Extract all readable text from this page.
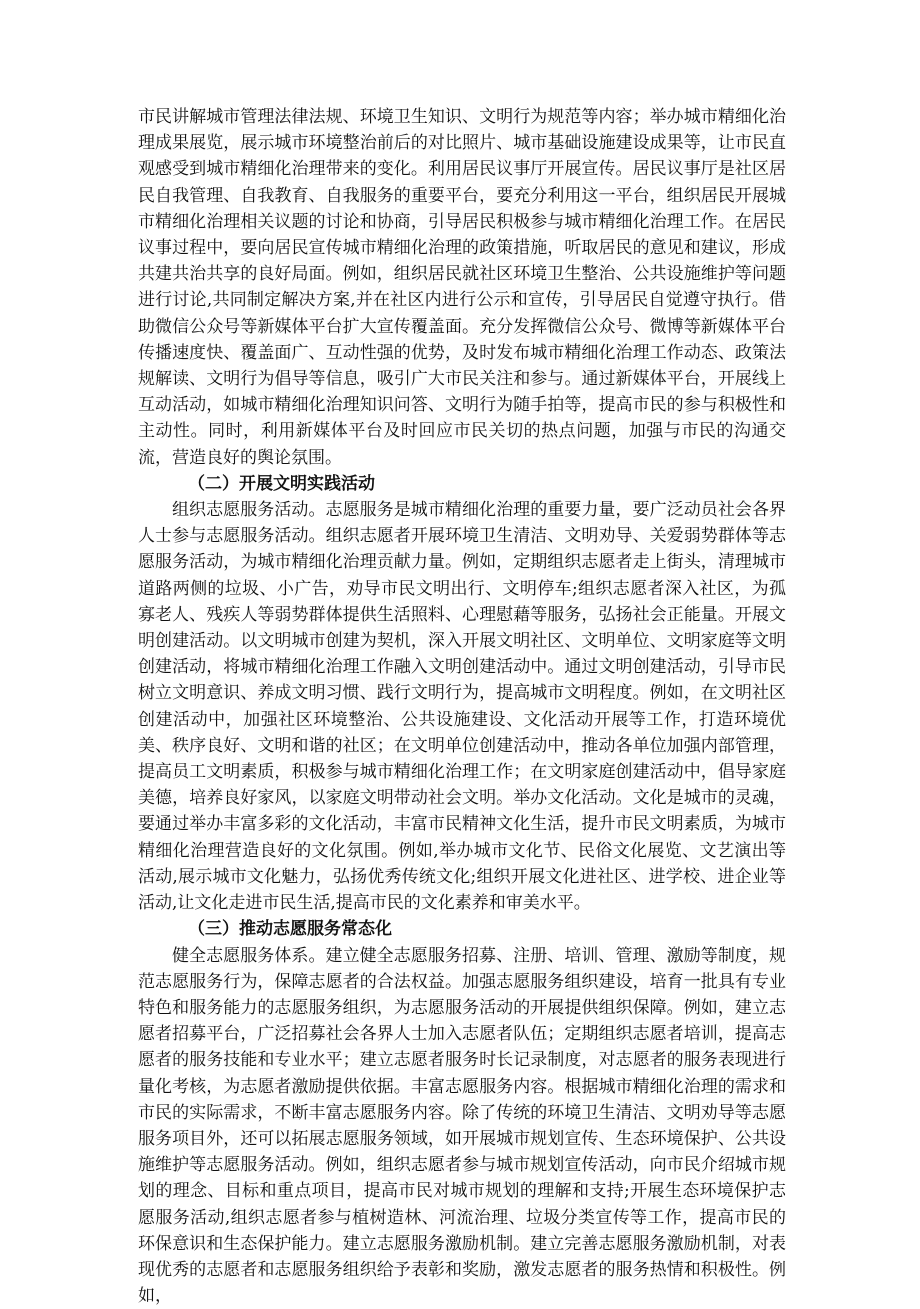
市民讲解城市管理法律法规、环境卫生知识、文明行为规范等内容；举办城市精细化治理成果展览，展示城市环境整治前后的对比照片、城市基础设施建设成果等，让市民直观感受到城市精细化治理带来的变化。利用居民议事厅开展宣传。居民议事厅是社区居民自我管理、自我教育、自我服务的重要平台，要充分利用这一平台，组织居民开展城市精细化治理相关议题的讨论和协商，引导居民积极参与城市精细化治理工作。在居民议事过程中，要向居民宣传城市精细化治理的政策措施，听取居民的意见和建议，形成共建共治共享的良好局面。例如，组织居民就社区环境卫生整治、公共设施维护等问题进行讨论,共同制定解决方案,并在社区内进行公示和宣传，引导居民自觉遵守执行。借助微信公众号等新媒体平台扩大宣传覆盖面。充分发挥微信公众号、微博等新媒体平台传播速度快、覆盖面广、互动性强的优势，及时发布城市精细化治理工作动态、政策法规解读、文明行为倡导等信息，吸引广大市民关注和参与。通过新媒体平台，开展线上互动活动，如城市精细化治理知识问答、文明行为随手拍等，提高市民的参与积极性和主动性。同时，利用新媒体平台及时回应市民关切的热点问题，加强与市民的沟通交流，营造良好的舆论氛围。

（二）开展文明实践活动

组织志愿服务活动。志愿服务是城市精细化治理的重要力量，要广泛动员社会各界人士参与志愿服务活动。组织志愿者开展环境卫生清洁、文明劝导、关爱弱势群体等志愿服务活动，为城市精细化治理贡献力量。例如，定期组织志愿者走上街头，清理城市道路两侧的垃圾、小广告，劝导市民文明出行、文明停车;组织志愿者深入社区，为孤寡老人、残疾人等弱势群体提供生活照料、心理慰藉等服务，弘扬社会正能量。开展文明创建活动。以文明城市创建为契机，深入开展文明社区、文明单位、文明家庭等文明创建活动，将城市精细化治理工作融入文明创建活动中。通过文明创建活动，引导市民树立文明意识、养成文明习惯、践行文明行为，提高城市文明程度。例如，在文明社区创建活动中，加强社区环境整治、公共设施建设、文化活动开展等工作，打造环境优美、秩序良好、文明和谐的社区；在文明单位创建活动中，推动各单位加强内部管理，提高员工文明素质，积极参与城市精细化治理工作；在文明家庭创建活动中，倡导家庭美德，培养良好家风，以家庭文明带动社会文明。举办文化活动。文化是城市的灵魂，要通过举办丰富多彩的文化活动，丰富市民精神文化生活，提升市民文明素质，为城市精细化治理营造良好的文化氛围。例如,举办城市文化节、民俗文化展览、文艺演出等活动,展示城市文化魅力，弘扬优秀传统文化;组织开展文化进社区、进学校、进企业等活动,让文化走进市民生活,提高市民的文化素养和审美水平。

（三）推动志愿服务常态化

健全志愿服务体系。建立健全志愿服务招募、注册、培训、管理、激励等制度，规范志愿服务行为，保障志愿者的合法权益。加强志愿服务组织建设，培育一批具有专业特色和服务能力的志愿服务组织，为志愿服务活动的开展提供组织保障。例如，建立志愿者招募平台，广泛招募社会各界人士加入志愿者队伍；定期组织志愿者培训，提高志愿者的服务技能和专业水平；建立志愿者服务时长记录制度，对志愿者的服务表现进行量化考核，为志愿者激励提供依据。丰富志愿服务内容。根据城市精细化治理的需求和市民的实际需求，不断丰富志愿服务内容。除了传统的环境卫生清洁、文明劝导等志愿服务项目外，还可以拓展志愿服务领域，如开展城市规划宣传、生态环境保护、公共设施维护等志愿服务活动。例如，组织志愿者参与城市规划宣传活动，向市民介绍城市规划的理念、目标和重点项目，提高市民对城市规划的理解和支持;开展生态环境保护志愿服务活动,组织志愿者参与植树造林、河流治理、垃圾分类宣传等工作，提高市民的环保意识和生态保护能力。建立志愿服务激励机制。建立完善志愿服务激励机制，对表现优秀的志愿者和志愿服务组织给予表彰和奖励，激发志愿者的服务热情和积极性。例如，
